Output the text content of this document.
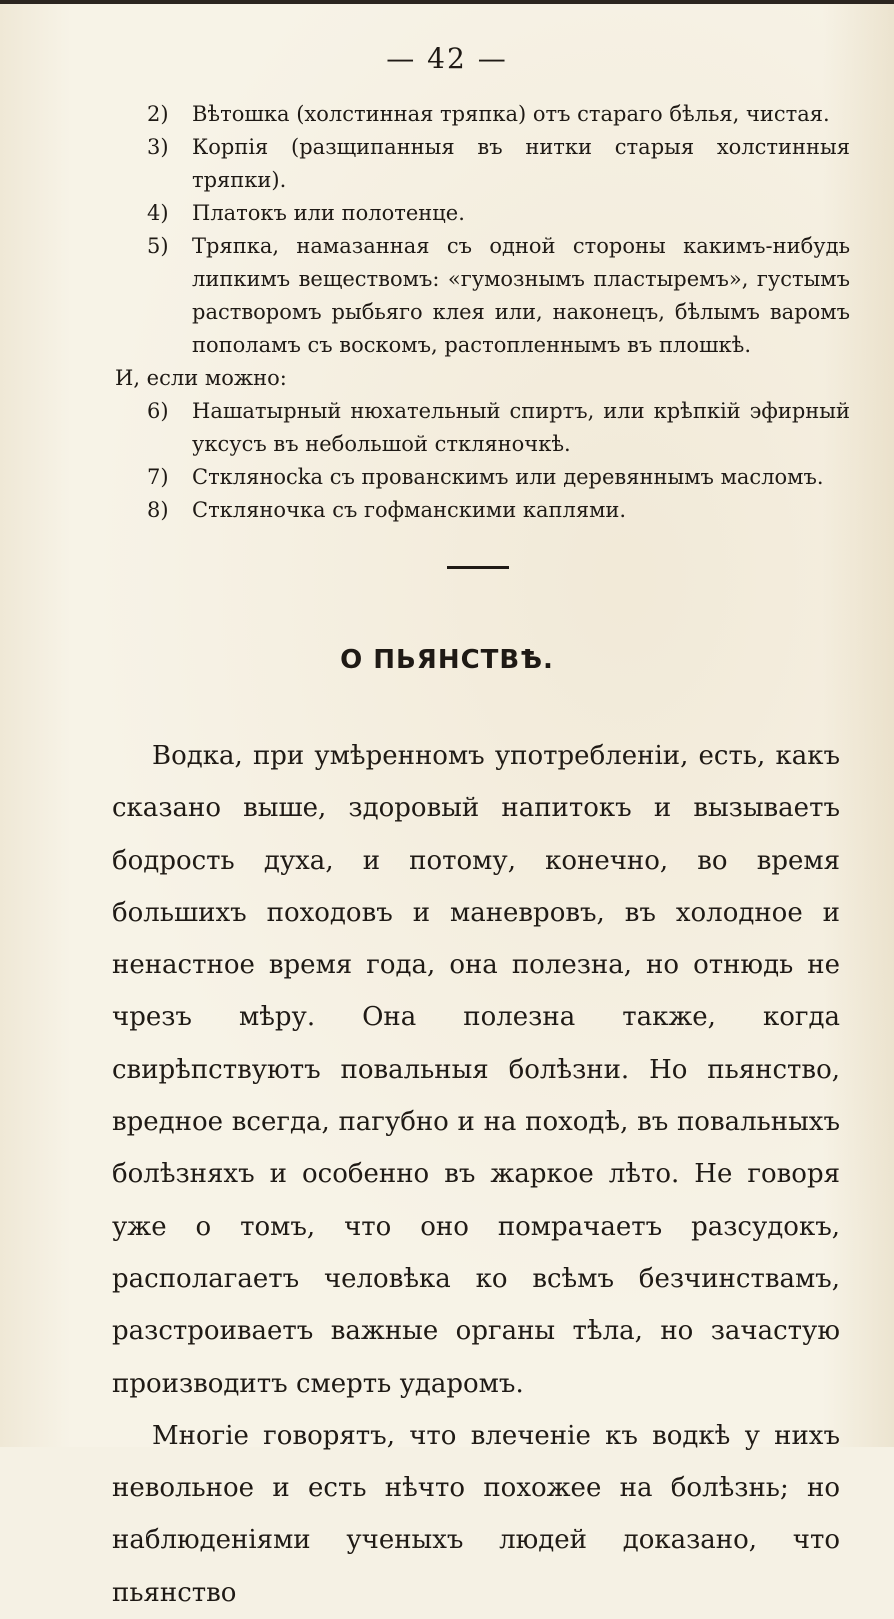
— 42 —
2) Вѣтошка (холстинная тряпка) отъ стараго бѣлья, чистая.
3) Корпія (разщипанныя въ нитки старыя холстинныя тряпки).
4) Платокъ или полотенце.
5) Тряпка, намазанная съ одной стороны какимъ-нибудь липкимъ веществомъ: «гумознымъ пластыремъ», густымъ растворомъ рыбьяго клея или, наконецъ, бѣлымъ варомъ пополамъ съ воскомъ, растопленнымъ въ плошкѣ.
И, если можно:
6) Нашатырный нюхательный спиртъ, или крѣпкій эфирный уксусъ въ небольшой сткляночкѣ.
7) Стклянocka съ прованскимъ или деревяннымъ масломъ.
8) Стклянoчка съ гофманскими каплями.
О ПЬЯНСТВѢ.

Водка, при умѣренномъ употребленіи, есть, какъ сказано выше, здоровый напитокъ и вызываетъ бодрость духа, и потому, конечно, во время большихъ походовъ и маневровъ, въ холодное и ненастное время года, она полезна, но отнюдь не чрезъ мѣру. Она полезна также, когда свирѣпствуютъ повальныя болѣзни. Но пьянство, вредное всегда, пагубно и на походѣ, въ повальныхъ болѣзняхъ и особенно въ жаркое лѣто. Не говоря уже о томъ, что оно помрачаетъ разсудокъ, располагаетъ человѣка ко всѣмъ безчинствамъ, разстроиваетъ важные органы тѣла, но зачастую производитъ смерть ударомъ.

Многіе говорятъ, что влеченіе къ водкѣ у нихъ невольное и есть нѣчто похожее на болѣзнь; но наблюденіями ученыхъ людей доказано, что пьянство
